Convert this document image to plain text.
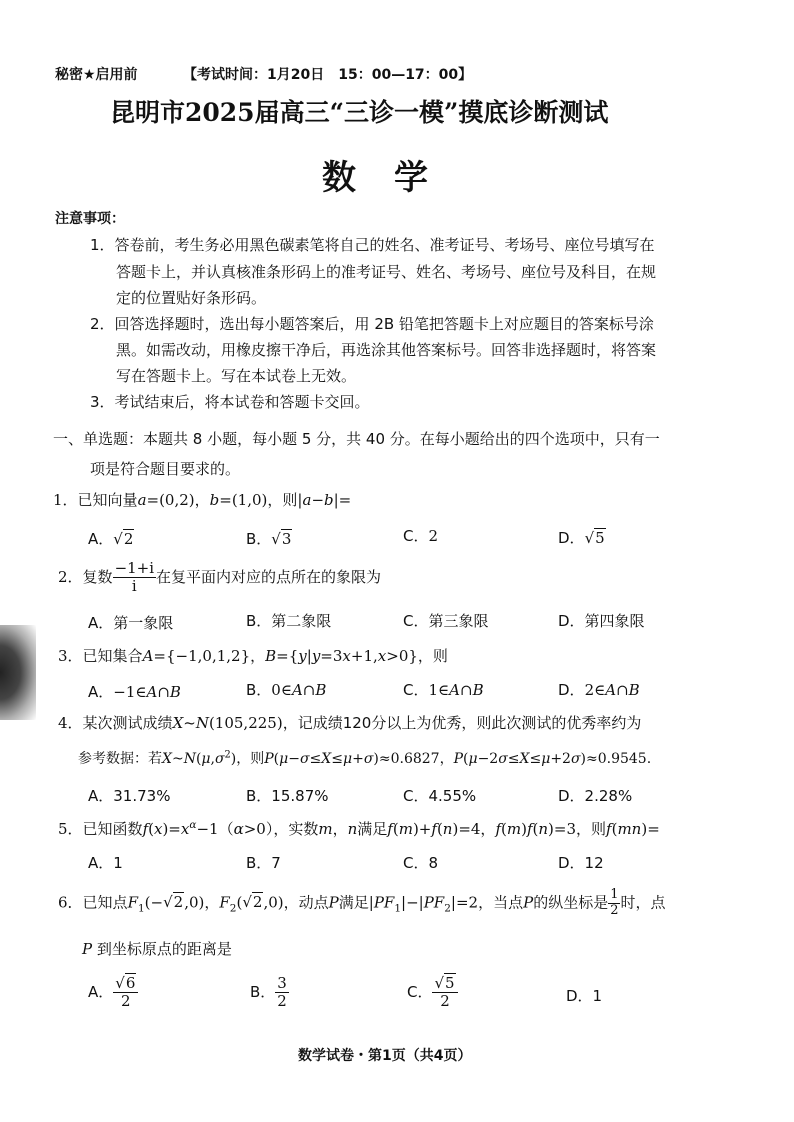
秘密★启用前	【考试时间：1月20日　15：00—17：00】
昆明市2025届高三“三诊一模”摸底诊断测试
数　学
注意事项：
1．答卷前，考生务必用黑色碳素笔将自己的姓名、准考证号、考场号、座位号填写在
答题卡上，并认真核准条形码上的准考证号、姓名、考场号、座位号及科目，在规
定的位置贴好条形码。
2．回答选择题时，选出每小题答案后，用 2B 铅笔把答题卡上对应题目的答案标号涂
黑。如需改动，用橡皮擦干净后，再选涂其他答案标号。回答非选择题时，将答案
写在答题卡上。写在本试卷上无效。
3．考试结束后，将本试卷和答题卡交回。
一、单选题：本题共 8 小题，每小题 5 分，共 40 分。在每小题给出的四个选项中，只有一
项是符合题目要求的。
1．已知向量a=(0,2)，b=(1,0)，则|a−b|=
A．√2	B．√3	C．2	D．√5
2．复数 $\frac{-1+i}{i}$ 在复平面内对应的点所在的象限为
A．第一象限	B．第二象限	C．第三象限	D．第四象限
3．已知集合A={−1,0,1,2}，B={y|y=3x+1,x>0}，则
A．−1∈A∩B	B．0∈A∩B	C．1∈A∩B	D．2∈A∩B
4．某次测试成绩X~N(105,225)，记成绩120分以上为优秀，则此次测试的优秀率约为
参考数据：若$X\sim N(\mu,\sigma^2)$，则P(μ−σ≤X≤μ+σ)≈0.6827，P(μ−2σ≤X≤μ+2σ)≈0.9545.
A．31.73%	B．15.87%	C．4.55%	D．2.28%
5．已知函数$f(x)=x^\alpha-1(\alpha>0)$，实数m，n满足f(m)+f(n)=4，f(m)f(n)=3，则f(mn)=
A．1	B．7	C．8	D．12
6．已知点$F_1(-√2,0)$，$F_2(√2,0)$，动点P满足$|PF_1|-|PF_2|=2$，当点P的纵坐标是 $\frac{1}{2}$ 时，点
P 到坐标原点的距离是
A． $\frac{√6}{2}$	B． $\frac{3}{2}$	C． $\frac{√5}{2}$	D．1
数学试卷・第1页（共4页）
